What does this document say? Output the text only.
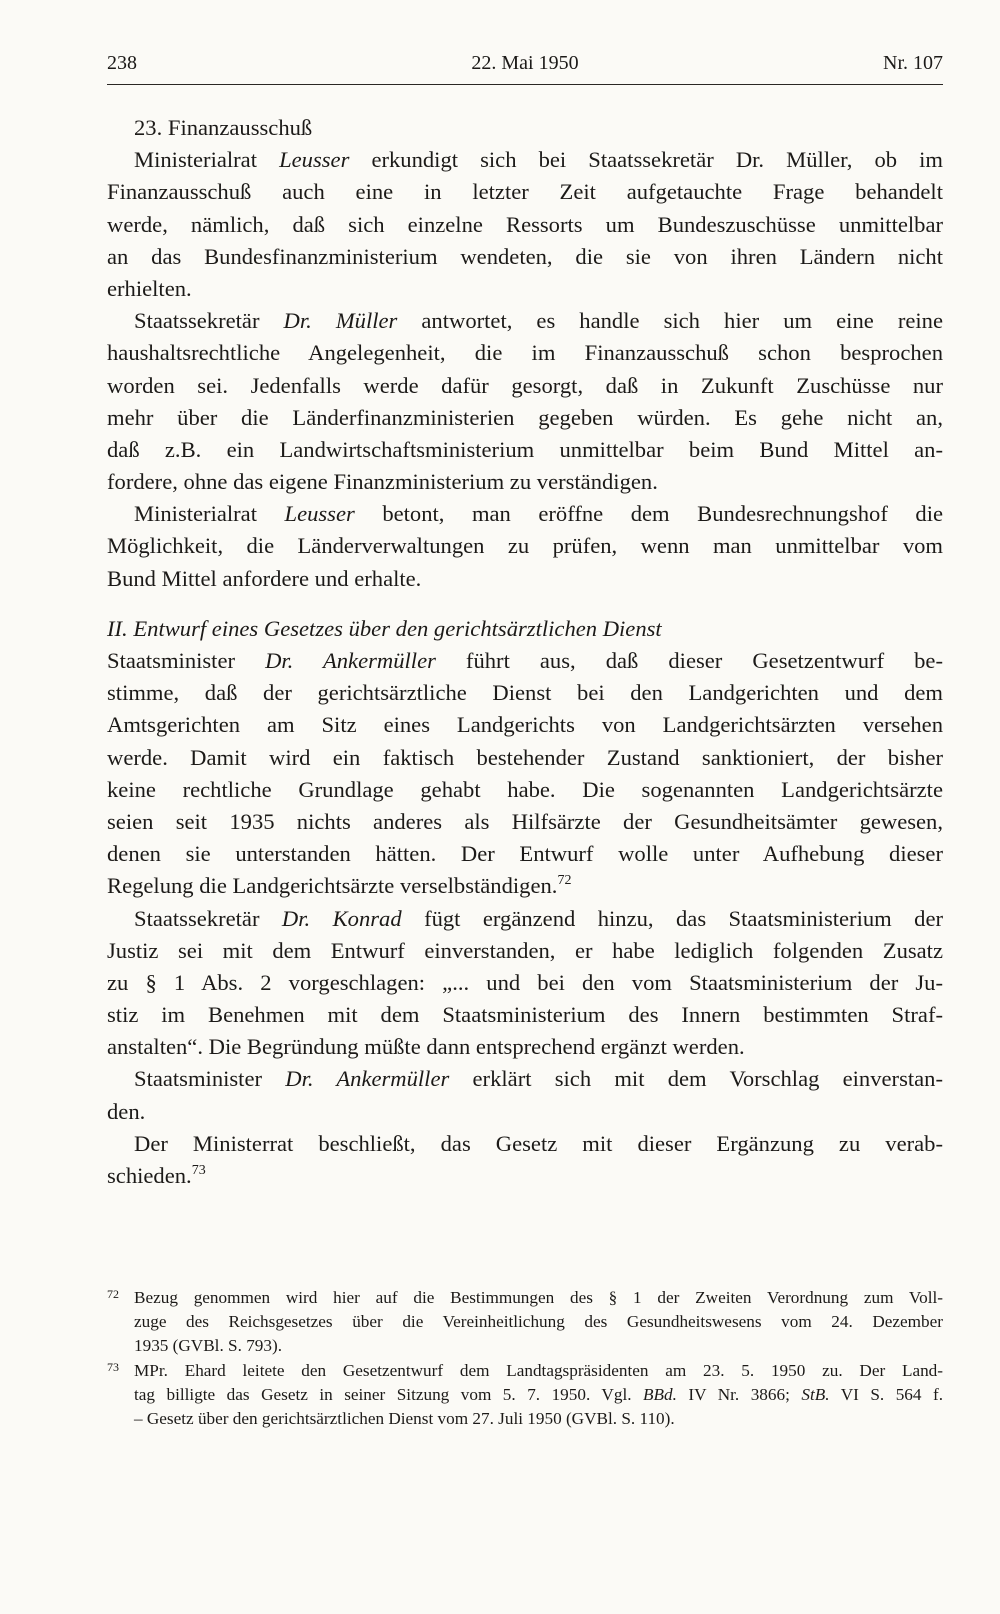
238	22. Mai 1950	Nr. 107
23. Finanzausschuß
Ministerialrat Leusser erkundigt sich bei Staatssekretär Dr. Müller, ob im
Finanzausschuß auch eine in letzter Zeit aufgetauchte Frage behandelt
werde, nämlich, daß sich einzelne Ressorts um Bundeszuschüsse unmittelbar
an das Bundesfinanzministerium wendeten, die sie von ihren Ländern nicht
erhielten.
Staatssekretär Dr. Müller antwortet, es handle sich hier um eine reine
haushaltsrechtliche Angelegenheit, die im Finanzausschuß schon besprochen
worden sei. Jedenfalls werde dafür gesorgt, daß in Zukunft Zuschüsse nur
mehr über die Länderfinanzministerien gegeben würden. Es gehe nicht an,
daß z.B. ein Landwirtschaftsministerium unmittelbar beim Bund Mittel an-
fordere, ohne das eigene Finanzministerium zu verständigen.
Ministerialrat Leusser betont, man eröffne dem Bundesrechnungshof die
Möglichkeit, die Länderverwaltungen zu prüfen, wenn man unmittelbar vom
Bund Mittel anfordere und erhalte.
II. Entwurf eines Gesetzes über den gerichtsärztlichen Dienst
Staatsminister Dr. Ankermüller führt aus, daß dieser Gesetzentwurf be-
stimme, daß der gerichtsärztliche Dienst bei den Landgerichten und dem
Amtsgerichten am Sitz eines Landgerichts von Landgerichtsärzten versehen
werde. Damit wird ein faktisch bestehender Zustand sanktioniert, der bisher
keine rechtliche Grundlage gehabt habe. Die sogenannten Landgerichtsärzte
seien seit 1935 nichts anderes als Hilfsärzte der Gesundheitsämter gewesen,
denen sie unterstanden hätten. Der Entwurf wolle unter Aufhebung dieser
Regelung die Landgerichtsärzte verselbständigen.$^{72}$
Staatssekretär Dr. Konrad fügt ergänzend hinzu, das Staatsministerium der
Justiz sei mit dem Entwurf einverstanden, er habe lediglich folgenden Zusatz
zu § 1 Abs. 2 vorgeschlagen: „... und bei den vom Staatsministerium der Ju-
stiz im Benehmen mit dem Staatsministerium des Innern bestimmten Straf-
anstalten“. Die Begründung müßte dann entsprechend ergänzt werden.
Staatsminister Dr. Ankermüller erklärt sich mit dem Vorschlag einverstan-
den.
Der Ministerrat beschließt, das Gesetz mit dieser Ergänzung zu verab-
schieden.$^{73}$
72 Bezug genommen wird hier auf die Bestimmungen des § 1 der Zweiten Verordnung zum Voll-
zuge des Reichsgesetzes über die Vereinheitlichung des Gesundheitswesens vom 24. Dezember
1935 (GVBl. S. 793).
73 MPr. Ehard leitete den Gesetzentwurf dem Landtagspräsidenten am 23. 5. 1950 zu. Der Land-
tag billigte das Gesetz in seiner Sitzung vom 5. 7. 1950. Vgl. BBd. IV Nr. 3866; StB. VI S. 564 f.
– Gesetz über den gerichtsärztlichen Dienst vom 27. Juli 1950 (GVBl. S. 110).
